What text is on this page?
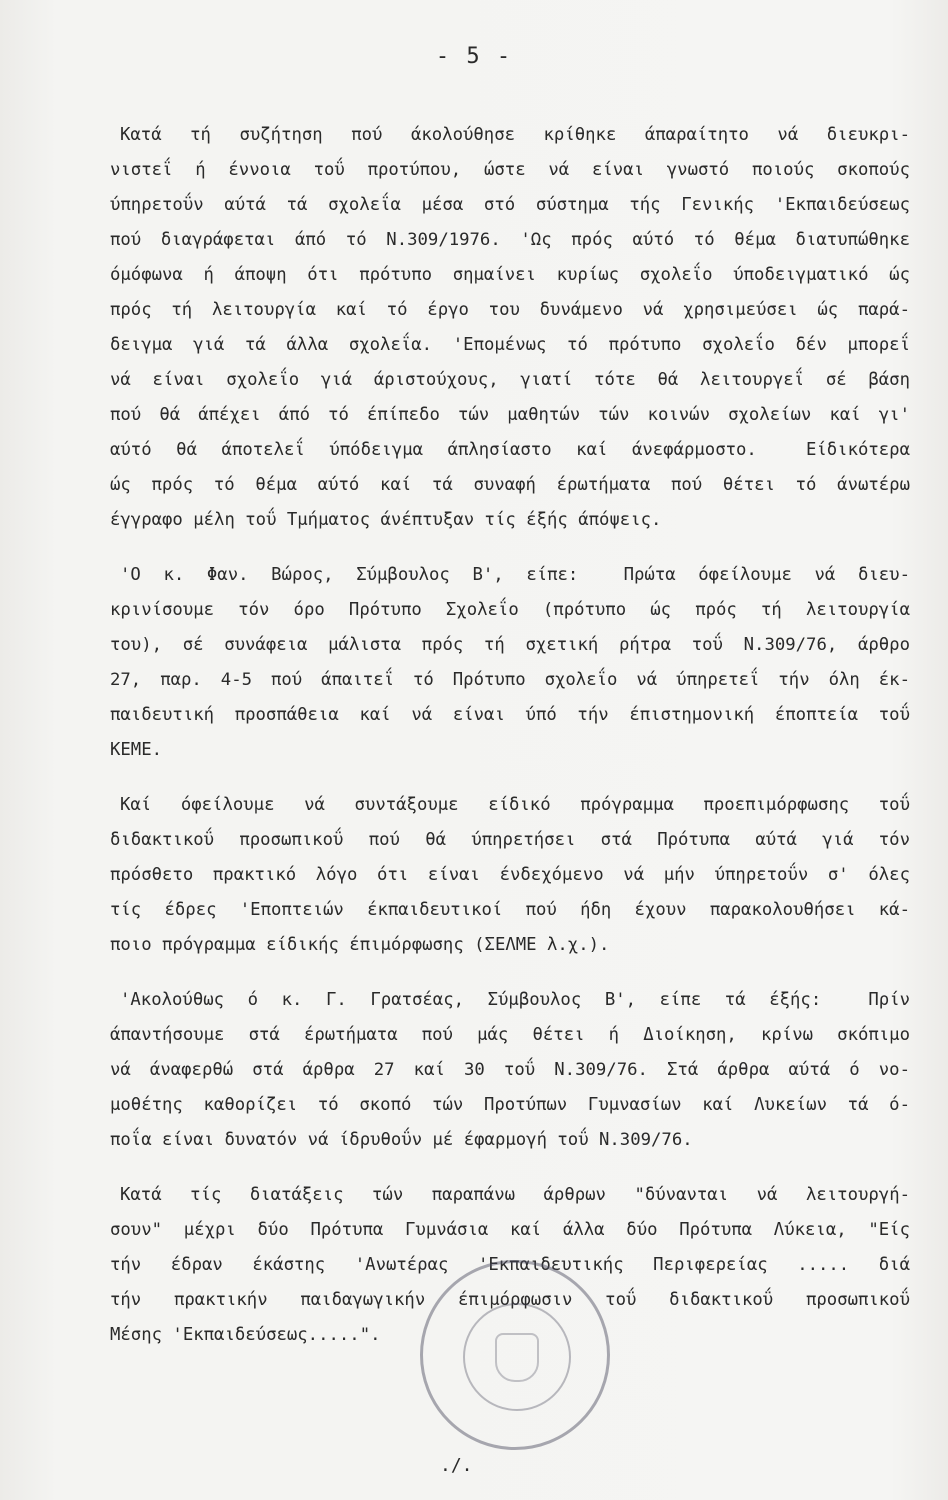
- 5 -
Κατά τή συζήτηση πού άκολούθησε κρίθηκε άπαραίτητο νά διευκρι-
νιστεΐ ή έννοια τοΰ προτύπου, ώστε νά είναι γνωστό ποιούς σκοπούς
ύπηρετοΰν αύτά τά σχολεΐα μέσα στό σύστημα τής Γενικής 'Εκπαιδεύσεως
πού διαγράφεται άπό τό Ν.309/1976. 'Ως πρός αύτό τό θέμα διατυπώθηκε
όμόφωνα ή άποψη ότι πρότυπο σημαίνει κυρίως σχολεΐο ύποδειγματικό ώς
πρός τή λειτουργία καί τό έργο του δυνάμενο νά χρησιμεύσει ώς παρά-
δειγμα γιά τά άλλα σχολεΐα. 'Επομένως τό πρότυπο σχολεΐο δέν μπορεΐ
νά είναι σχολεΐο γιά άριστούχους, γιατί τότε θά λειτουργεΐ σέ βάση
πού θά άπέχει άπό τό έπίπεδο τών μαθητών τών κοινών σχολείων καί γι'
αύτό θά άποτελεΐ ύπόδειγμα άπλησίαστο καί άνεφάρμοστο.  Είδικότερα
ώς πρός τό θέμα αύτό καί τά συναφή έρωτήματα πού θέτει τό άνωτέρω
έγγραφο μέλη τοΰ Τμήματος άνέπτυξαν τίς έξής άπόψεις.
'Ο κ. Φαν. Βώρος, Σύμβουλος Β', είπε:  Πρώτα όφείλουμε νά διευ-
κρινίσουμε τόν όρο Πρότυπο Σχολεΐο (πρότυπο ώς πρός τή λειτουργία
του), σέ συνάφεια μάλιστα πρός τή σχετική ρήτρα τοΰ Ν.309/76, άρθρο
27, παρ. 4-5 πού άπαιτεΐ τό Πρότυπο σχολεΐο νά ύπηρετεΐ τήν όλη έκ-
παιδευτική προσπάθεια καί νά είναι ύπό τήν έπιστημονική έποπτεία τοΰ
ΚΕΜΕ.
Καί όφείλουμε νά συντάξουμε είδικό πρόγραμμα προεπιμόρφωσης τοΰ
διδακτικοΰ προσωπικοΰ πού θά ύπηρετήσει στά Πρότυπα αύτά γιά τόν
πρόσθετο πρακτικό λόγο ότι είναι ένδεχόμενο νά μήν ύπηρετοΰν σ' όλες
τίς έδρες 'Εποπτειών έκπαιδευτικοί πού ήδη έχουν παρακολουθήσει κά-
ποιο πρόγραμμα είδικής έπιμόρφωσης (ΣΕΛΜΕ λ.χ.).
'Ακολούθως ό κ. Γ. Γρατσέας, Σύμβουλος Β', είπε τά έξής:  Πρίν
άπαντήσουμε στά έρωτήματα πού μάς θέτει ή Διοίκηση, κρίνω σκόπιμο
νά άναφερθώ στά άρθρα 27 καί 30 τοΰ Ν.309/76. Στά άρθρα αύτά ό νο-
μοθέτης καθορίζει τό σκοπό τών Προτύπων Γυμνασίων καί Λυκείων τά ό-
ποΐα είναι δυνατόν νά ίδρυθοΰν μέ έφαρμογή τοΰ Ν.309/76.
Κατά τίς διατάξεις τών παραπάνω άρθρων "δύνανται νά λειτουργή-
σουν" μέχρι δύο Πρότυπα Γυμνάσια καί άλλα δύο Πρότυπα Λύκεια, "Είς
τήν έδραν έκάστης 'Ανωτέρας 'Εκπαιδευτικής Περιφερείας ..... διά
τήν πρακτικήν παιδαγωγικήν έπιμόρφωσιν τοΰ διδακτικοΰ προσωπικοΰ
Μέσης 'Εκπαιδεύσεως.....".
./.
